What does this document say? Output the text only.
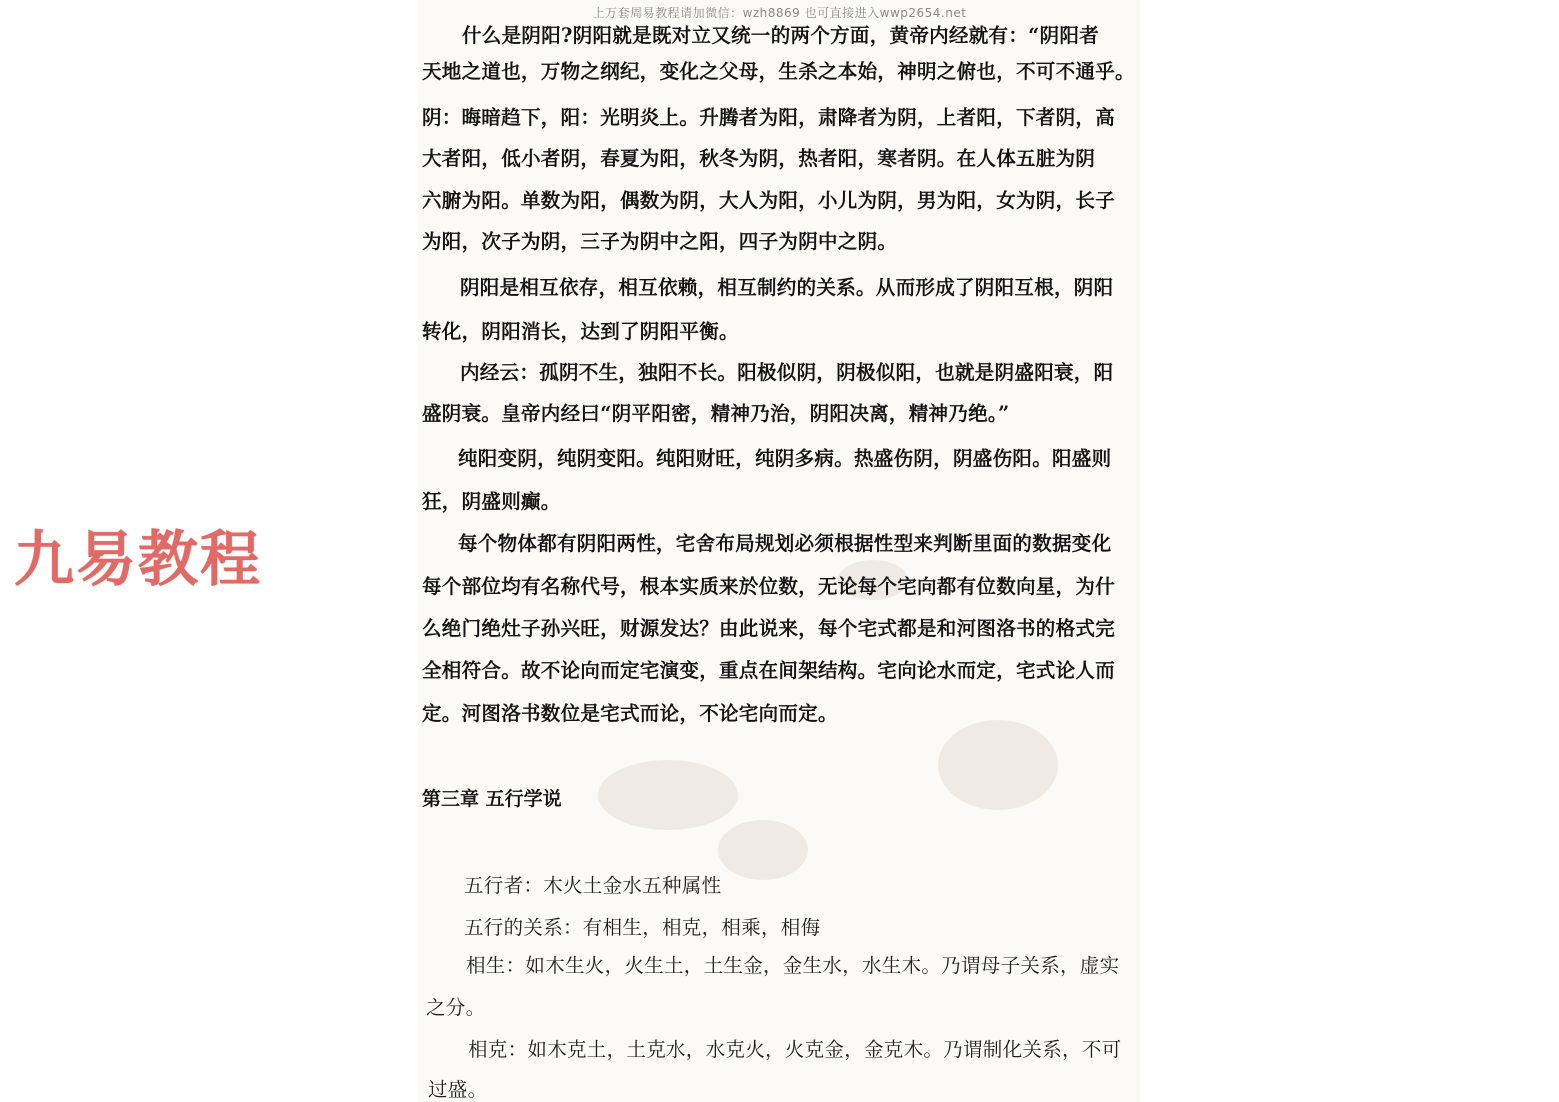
上万套周易教程请加微信：wzh8869 也可直接进入wwp2654.net
九易教程
什么是阴阳?阴阳就是既对立又统一的两个方面，黄帝内经就有：“阴阳者
天地之道也，万物之纲纪，变化之父母，生杀之本始，神明之俯也，不可不通乎。
阴：晦暗趋下，阳：光明炎上。升腾者为阳，肃降者为阴，上者阳，下者阴，高
大者阳，低小者阴，春夏为阳，秋冬为阴，热者阳，寒者阴。在人体五脏为阴
六腑为阳。单数为阳，偶数为阴，大人为阳，小儿为阴，男为阳，女为阴，长子
为阳，次子为阴，三子为阴中之阳，四子为阴中之阴。
阴阳是相互依存，相互依赖，相互制约的关系。从而形成了阴阳互根，阴阳
转化，阴阳消长，达到了阴阳平衡。
内经云：孤阴不生，独阳不长。阳极似阴，阴极似阳，也就是阴盛阳衰，阳
盛阴衰。皇帝内经曰“阴平阳密，精神乃治，阴阳决离，精神乃绝。”
纯阳变阴，纯阴变阳。纯阳财旺，纯阴多病。热盛伤阴，阴盛伤阳。阳盛则
狂，阴盛则癫。
每个物体都有阴阳两性，宅舍布局规划必须根据性型来判断里面的数据变化
每个部位均有名称代号，根本实质来於位数，无论每个宅向都有位数向星，为什
么绝门绝灶子孙兴旺，财源发达？由此说来，每个宅式都是和河图洛书的格式完
全相符合。故不论向而定宅演变，重点在间架结构。宅向论水而定，宅式论人而
定。河图洛书数位是宅式而论，不论宅向而定。
第三章 五行学说
五行者：木火土金水五种属性
五行的关系：有相生，相克，相乘，相侮
相生：如木生火，火生土，土生金，金生水，水生木。乃谓母子关系，虚实
之分。
相克：如木克土，土克水，水克火，火克金，金克木。乃谓制化关系，不可
过盛。
